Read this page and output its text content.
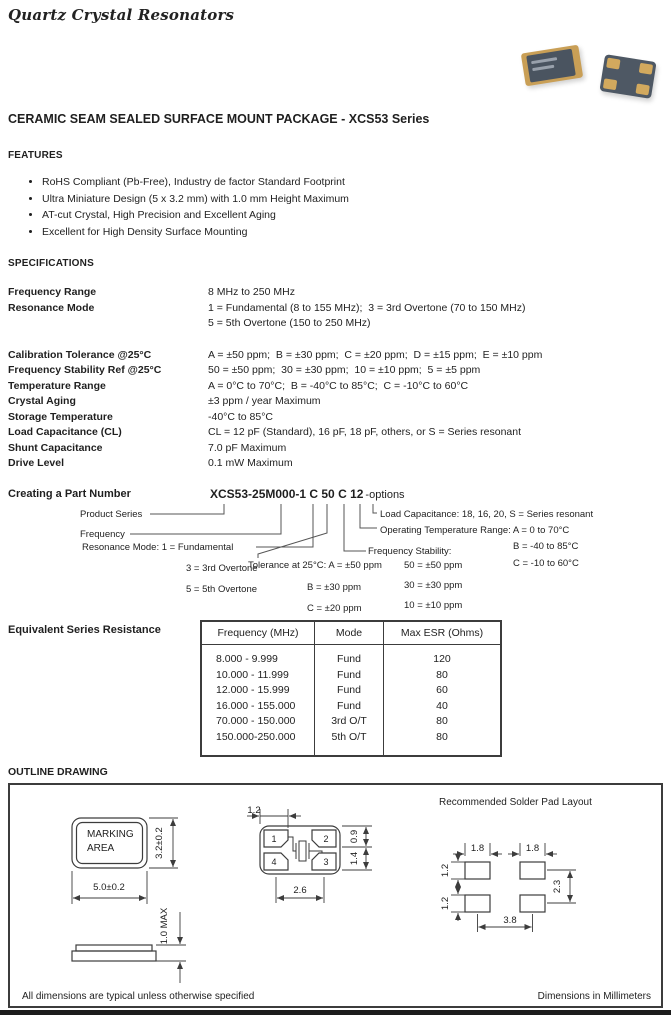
Quartz Crystal Resonators
CERAMIC SEAM SEALED SURFACE MOUNT PACKAGE - XCS53 Series
FEATURES
• RoHS Compliant (Pb-Free), Industry de factor Standard Footprint
• Ultra Miniature Design (5 x 3.2 mm) with 1.0 mm Height Maximum
• AT-cut Crystal, High Precision and Excellent Aging
• Excellent for High Density Surface Mounting
SPECIFICATIONS
Frequency Range	8 MHz to 250 MHz
Resonance Mode	1 = Fundamental (8 to 155 MHz);  3 = 3rd Overtone (70 to 150 MHz)
5 = 5th Overtone (150 to 250 MHz)
Calibration Tolerance @25°C	A = ±50 ppm;  B = ±30 ppm;  C = ±20 ppm;  D = ±15 ppm;  E = ±10 ppm
Frequency Stability Ref @25°C	50 = ±50 ppm;  30 = ±30 ppm;  10 = ±10 ppm;  5 = ±5 ppm
Temperature Range	A = 0°C to 70°C;  B = -40°C to 85°C;  C = -10°C to 60°C
Crystal Aging	±3 ppm / year Maximum
Storage Temperature	-40°C to 85°C
Load Capacitance (CL)	CL = 12 pF (Standard), 16 pF, 18 pF, others, or S = Series resonant
Shunt Capacitance	7.0 pF Maximum
Drive Level	0.1 mW Maximum
Creating a Part Number	XCS53-25M000-1 C 50 C 12 -options
Product Series
Frequency
Resonance Mode: 1 = Fundamental
3 = 3rd Overtone
5 = 5th Overtone
Tolerance at 25°C: A = ±50 ppm
B = ±30 ppm
C = ±20 ppm
Frequency Stability:
50 = ±50 ppm
30 = ±30 ppm
10 = ±10 ppm
Load Capacitance: 18, 16, 20, S = Series resonant
Operating Temperature Range: A = 0 to 70°C
B = -40 to 85°C
C = -10 to 60°C
Equivalent Series Resistance	Frequency (MHz)	Mode	Max ESR (Ohms)
8.000 - 9.999	Fund	120
10.000 - 11.999	Fund	80
12.000 - 15.999	Fund	60
16.000 - 155.000	Fund	40
70.000 - 150.000	3rd O/T	80
150.000-250.000	5th O/T	80
OUTLINE DRAWING
MARKING
AREA	3.2±0.2
5.0±0.2
1.0 MAX
1	2
3
4
1.2
0.9
1.4
2.6
1.8	1.8
1.2
1.2
2.3
3.8
Recommended Solder Pad Layout
All dimensions are typical unless otherwise specified	Dimensions in Millimeters
